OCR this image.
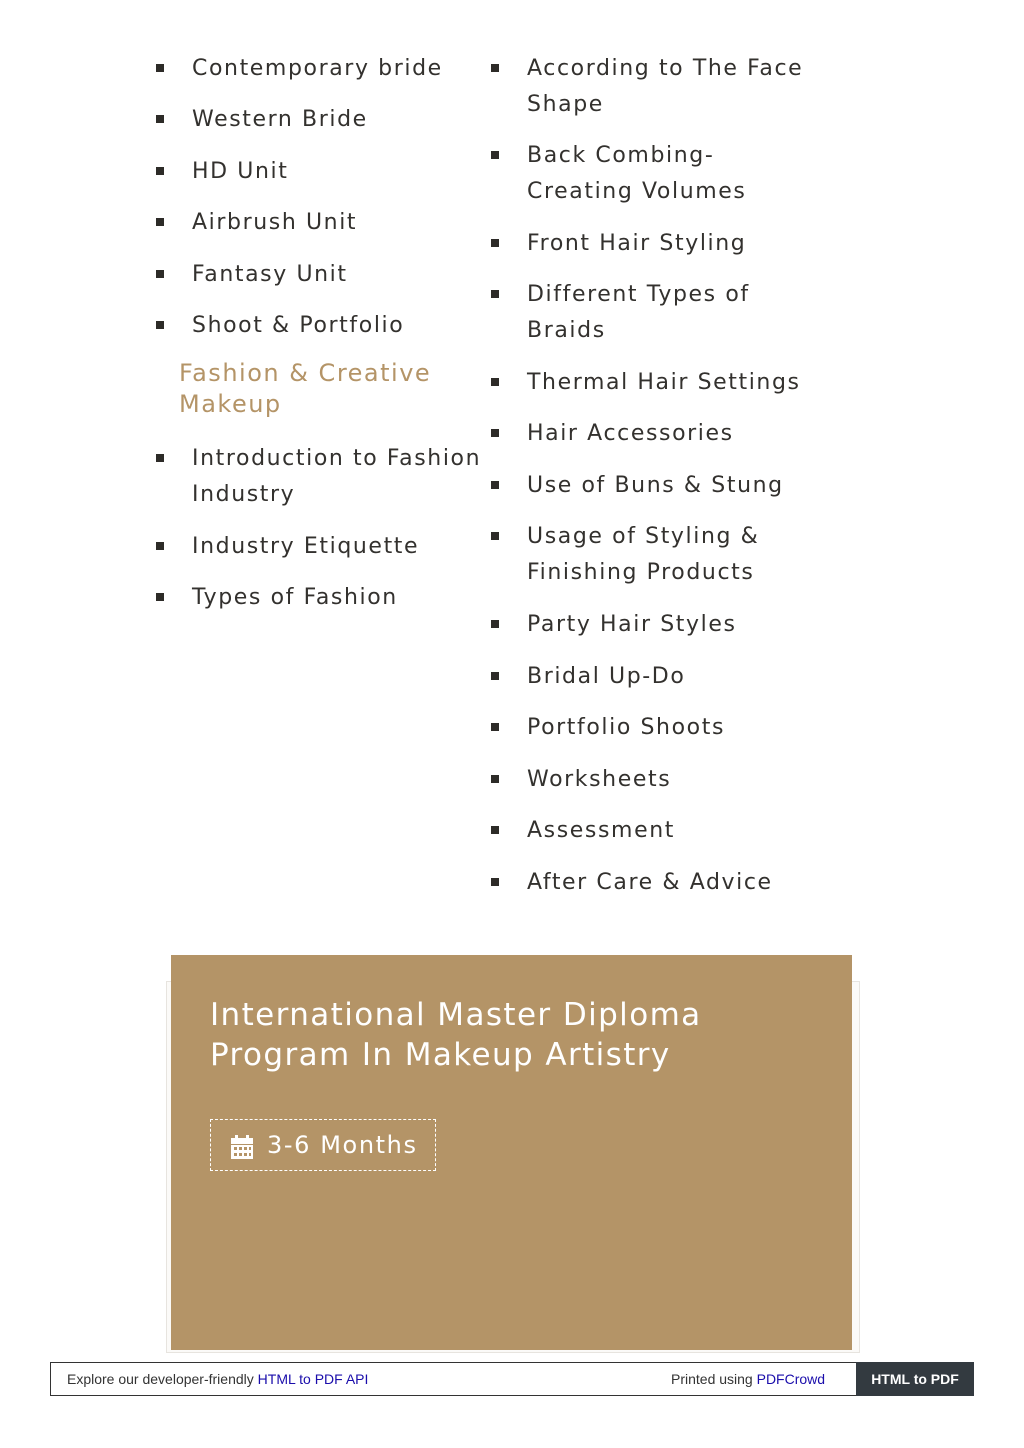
Contemporary bride
Western Bride
HD Unit
Airbrush Unit
Fantasy Unit
Shoot & Portfolio
Fashion & Creative Makeup
Introduction to Fashion Industry
Industry Etiquette
Types of Fashion
According to The Face Shape
Back Combing-Creating Volumes
Front Hair Styling
Different Types of Braids
Thermal Hair Settings
Hair Accessories
Use of Buns & Stung
Usage of Styling & Finishing Products
Party Hair Styles
Bridal Up-Do
Portfolio Shoots
Worksheets
Assessment
After Care & Advice
International Master Diploma Program In Makeup Artistry
3-6 Months
Explore our developer-friendly HTML to PDF API	Printed using PDFCrowd	HTML to PDF
